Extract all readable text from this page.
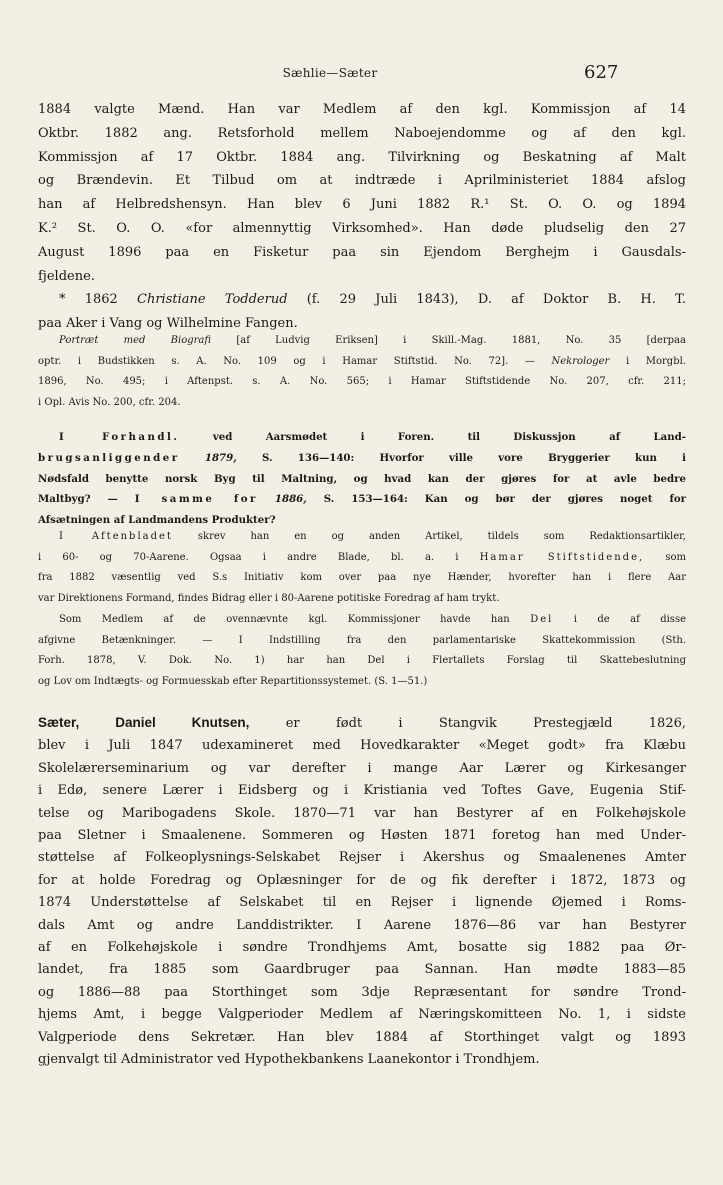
Sæhlie—Sæter	627
1884 valgte Mænd. Han var Medlem af den kgl. Kommissjon af 14
Oktbr. 1882 ang. Retsforhold mellem Naboejendomme og af den kgl.
Kommissjon af 17 Oktbr. 1884 ang. Tilvirkning og Beskatning af Malt
og Brændevin. Et Tilbud om at indtræde i Aprilministeriet 1884 afslog
han af Helbredshensyn. Han blev 6 Juni 1882 R.¹ St. O. O. og 1894
K.² St. O. O. «for almennyttig Virksomhed». Han døde pludselig den 27
August 1896 paa en Fisketur paa sin Ejendom Berghejm i Gausdals-
fjeldene.
* 1862 Christiane Todderud (f. 29 Juli 1843), D. af Doktor B. H. T.
paa Aker i Vang og Wilhelmine Fangen.
Portræt med Biografi [af Ludvig Eriksen] i Skill.-Mag. 1881, No. 35 [derpaa
optr. i Budstikken s. A. No. 109 og i Hamar Stiftstid. No. 72]. — Nekrologer i Morgbl.
1896, No. 495; i Aftenpst. s. A. No. 565; i Hamar Stiftstidende No. 207, cfr. 211;
i Opl. Avis No. 200, cfr. 204.
I Forhandl. ved Aarsmødet i Foren. til Diskussjon af Land-
brugsanliggender 1879, S. 136—140: Hvorfor ville vore Bryggerier kun i
Nødsfald benytte norsk Byg til Maltning, og hvad kan der gjøres for at avle bedre
Maltbyg? — I samme for 1886, S. 153—164: Kan og bør der gjøres noget for
Afsætningen af Landmandens Produkter?
I Aftenbladet skrev han en og anden Artikel, tildels som Redaktionsartikler,
i 60- og 70-Aarene. Ogsaa i andre Blade, bl. a. i Hamar Stiftstidende, som
fra 1882 væsentlig ved S.s Initiativ kom over paa nye Hænder, hvorefter han i flere Aar
var Direktionens Formand, findes Bidrag eller i 80-Aarene potitiske Foredrag af ham trykt.
Som Medlem af de ovennævnte kgl. Kommissjoner havde han Del i de af disse
afgivne Betænkninger. — I Indstilling fra den parlamentariske Skattekommission (Sth.
Forh. 1878, V. Dok. No. 1) har han Del i Flertallets Forslag til Skattebeslutning
og Lov om Indtægts- og Formuesskab efter Repartitionssystemet. (S. 1—51.)
Sæter, Daniel Knutsen, er født i Stangvik Prestegjæld 1826,
blev i Juli 1847 udexamineret med Hovedkarakter «Meget godt» fra Klæbu
Skolelærerseminarium og var derefter i mange Aar Lærer og Kirkesanger
i Edø, senere Lærer i Eidsberg og i Kristiania ved Toftes Gave, Eugenia Stif-
telse og Maribogadens Skole. 1870—71 var han Bestyrer af en Folkehøjskole
paa Sletner i Smaalenene. Sommeren og Høsten 1871 foretog han med Under-
støttelse af Folkeoplysnings-Selskabet Rejser i Akershus og Smaalenenes Amter
for at holde Foredrag og Oplæsninger for de og fik derefter i 1872, 1873 og
1874 Understøttelse af Selskabet til en Rejser i lignende Øjemed i Roms-
dals Amt og andre Landdistrikter. I Aarene 1876—86 var han Bestyrer
af en Folkehøjskole i søndre Trondhjems Amt, bosatte sig 1882 paa Ør-
landet, fra 1885 som Gaardbruger paa Sannan. Han mødte 1883—85
og 1886—88 paa Storthinget som 3dje Repræsentant for søndre Trond-
hjems Amt, i begge Valgperioder Medlem af Næringskomitteen No. 1, i sidste
Valgperiode dens Sekretær. Han blev 1884 af Storthinget valgt og 1893
gjenvalgt til Administrator ved Hypothekbankens Laanekontor i Trondhjem.
